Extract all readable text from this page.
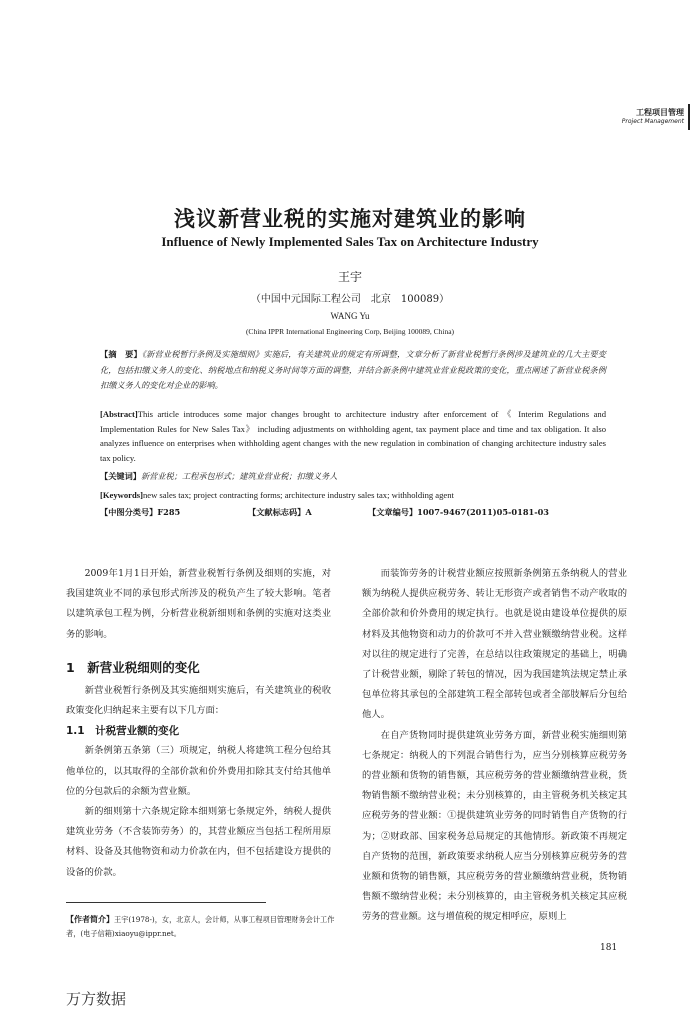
工程项目管理
Project Management
浅议新营业税的实施对建筑业的影响
Influence of Newly Implemented Sales Tax on Architecture Industry
王宇
（中国中元国际工程公司　北京　100089）
WANG Yu
(China IPPR International Engineering Corp, Beijing 100089, China)
【摘　要】《新营业税暂行条例及实施细则》实施后，有关建筑业的规定有所调整，文章分析了新营业税暂行条例涉及建筑业的几大主要变化，包括扣缴义务人的变化、纳税地点和纳税义务时间等方面的调整，并结合新条例中建筑业营业税政策的变化，重点阐述了新营业税条例扣缴义务人的变化对企业的影响。
[Abstract]This article introduces some major changes brought to architecture industry after enforcement of 《 Interim Regulations and Implementation Rules for New Sales Tax》 including adjustments on withholding agent, tax payment place and time and tax obligation. It also analyzes influence on enterprises when withholding agent changes with the new regulation in combination of changing architecture industry sales tax policy.
【关键词】新营业税；工程承包形式；建筑业营业税；扣缴义务人
[Keywords]new sales tax; project contracting forms; architecture industry sales tax; withholding agent
【中图分类号】F285	【文献标志码】A	【文章编号】1007-9467(2011)05-0181-03

2009年1月1日开始，新营业税暂行条例及细则的实施，对我国建筑业不同的承包形式所涉及的税负产生了较大影响。笔者以建筑承包工程为例，分析营业税新细则和条例的实施对这类业务的影响。

1　新营业税细则的变化

新营业税暂行条例及其实施细则实施后，有关建筑业的税收政策变化归纳起来主要有以下几方面：

1.1　计税营业额的变化

新条例第五条第（三）项规定，纳税人将建筑工程分包给其他单位的，以其取得的全部价款和价外费用扣除其支付给其他单位的分包款后的余额为营业额。

新的细则第十六条规定除本细则第七条规定外，纳税人提供建筑业劳务（不含装饰劳务）的，其营业额应当包括工程所用原材料、设备及其他物资和动力价款在内，但不包括建设方提供的设备的价款。

而装饰劳务的计税营业额应按照新条例第五条纳税人的营业额为纳税人提供应税劳务、转让无形资产或者销售不动产收取的全部价款和价外费用的规定执行。也就是说由建设单位提供的原材料及其他物资和动力的价款可不并入营业额缴纳营业税。这样对以往的规定进行了完善，在总结以往政策规定的基础上，明确了计税营业额，剔除了转包的情况，因为我国建筑法规定禁止承包单位将其承包的全部建筑工程全部转包或者全部肢解后分包给他人。

在自产货物同时提供建筑业劳务方面，新营业税实施细则第七条规定：纳税人的下列混合销售行为，应当分别核算应税劳务的营业额和货物的销售额，其应税劳务的营业额缴纳营业税，货物销售额不缴纳营业税；未分别核算的，由主管税务机关核定其应税劳务的营业额：①提供建筑业劳务的同时销售自产货物的行为；②财政部、国家税务总局规定的其他情形。新政策不再规定自产货物的范围，新政策要求纳税人应当分别核算应税劳务的营业额和货物的销售额，其应税劳务的营业额缴纳营业税，货物销售额不缴纳营业税；未分别核算的，由主管税务机关核定其应税劳务的营业额。这与增值税的规定相呼应，原则上

【作者简介】王宇(1978-)，女，北京人，会计师，从事工程项目管理财务会计工作者，(电子信箱)xiaoyu@ippr.net。
181
万方数据
